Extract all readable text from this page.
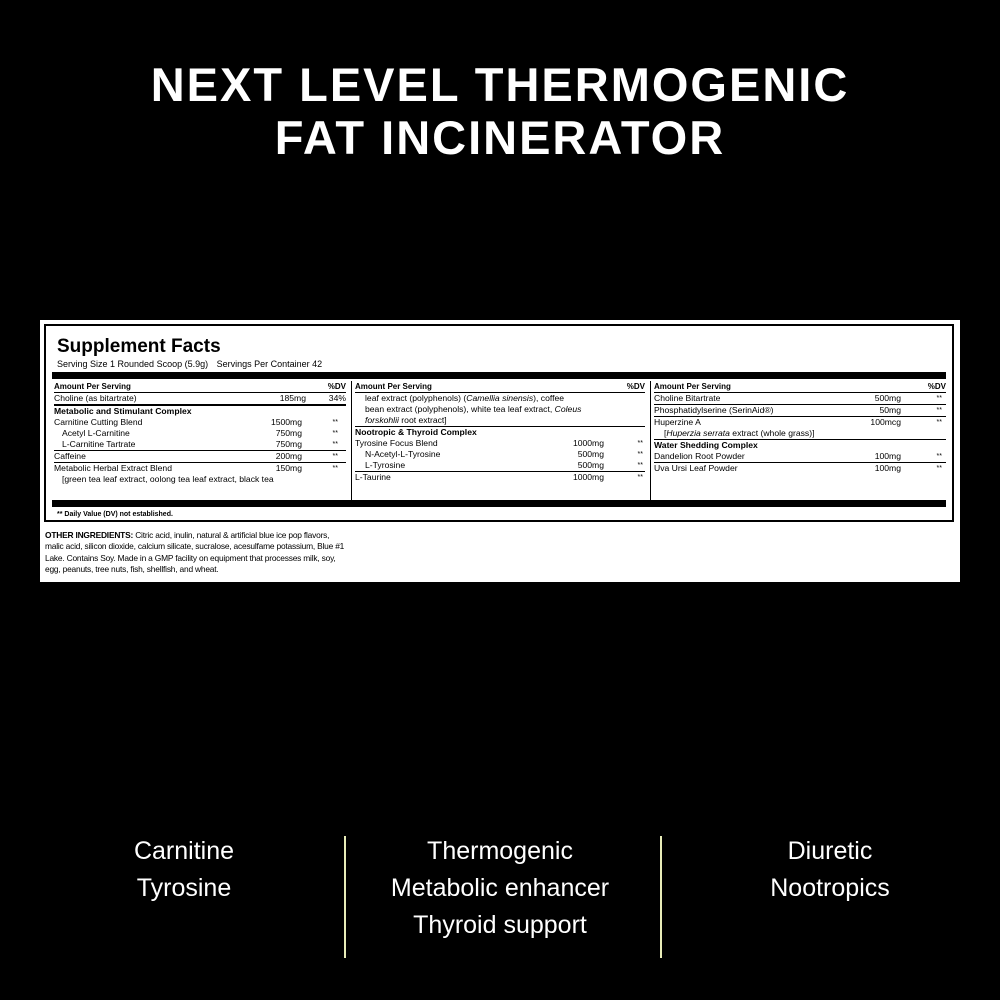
NEXT LEVEL THERMOGENIC
FAT INCINERATOR
Supplement Facts
Serving Size 1 Rounded Scoop (5.9g) Servings Per Container 42
Amount Per Serving	%DV
Choline (as bitartrate)	185mg	34%
Metabolic and Stimulant Complex
Carnitine Cutting Blend	1500mg	**
Acetyl L-Carnitine	750mg	**
L-Carnitine Tartrate	750mg	**
Caffeine	200mg	**
Metabolic Herbal Extract Blend	150mg	**
[green tea leaf extract, oolong tea leaf extract, black tea
Amount Per Serving	%DV
leaf extract (polyphenols) (Camellia sinensis), coffee
bean extract (polyphenols), white tea leaf extract, Coleus
forskohlii root extract]
Nootropic & Thyroid Complex
Tyrosine Focus Blend	1000mg	**
N-Acetyl-L-Tyrosine	500mg	**
L-Tyrosine	500mg	**
L-Taurine	1000mg	**
Amount Per Serving	%DV
Choline Bitartrate	500mg	**
Phosphatidylserine (SerinAid®)	50mg	**
Huperzine A	100mcg	**
[Huperzia serrata extract (whole grass)]
Water Shedding Complex
Dandelion Root Powder	100mg	**
Uva Ursi Leaf Powder	100mg	**
** Daily Value (DV) not established.
OTHER INGREDIENTS: Citric acid, inulin, natural & artificial blue ice pop flavors, malic acid, silicon dioxide, calcium silicate, sucralose, acesulfame potassium, Blue #1 Lake. Contains Soy. Made in a GMP facility on equipment that processes milk, soy, egg, peanuts, tree nuts, fish, shellfish, and wheat.
Carnitine
Tyrosine
Thermogenic
Metabolic enhancer
Thyroid support
Diuretic
Nootropics
